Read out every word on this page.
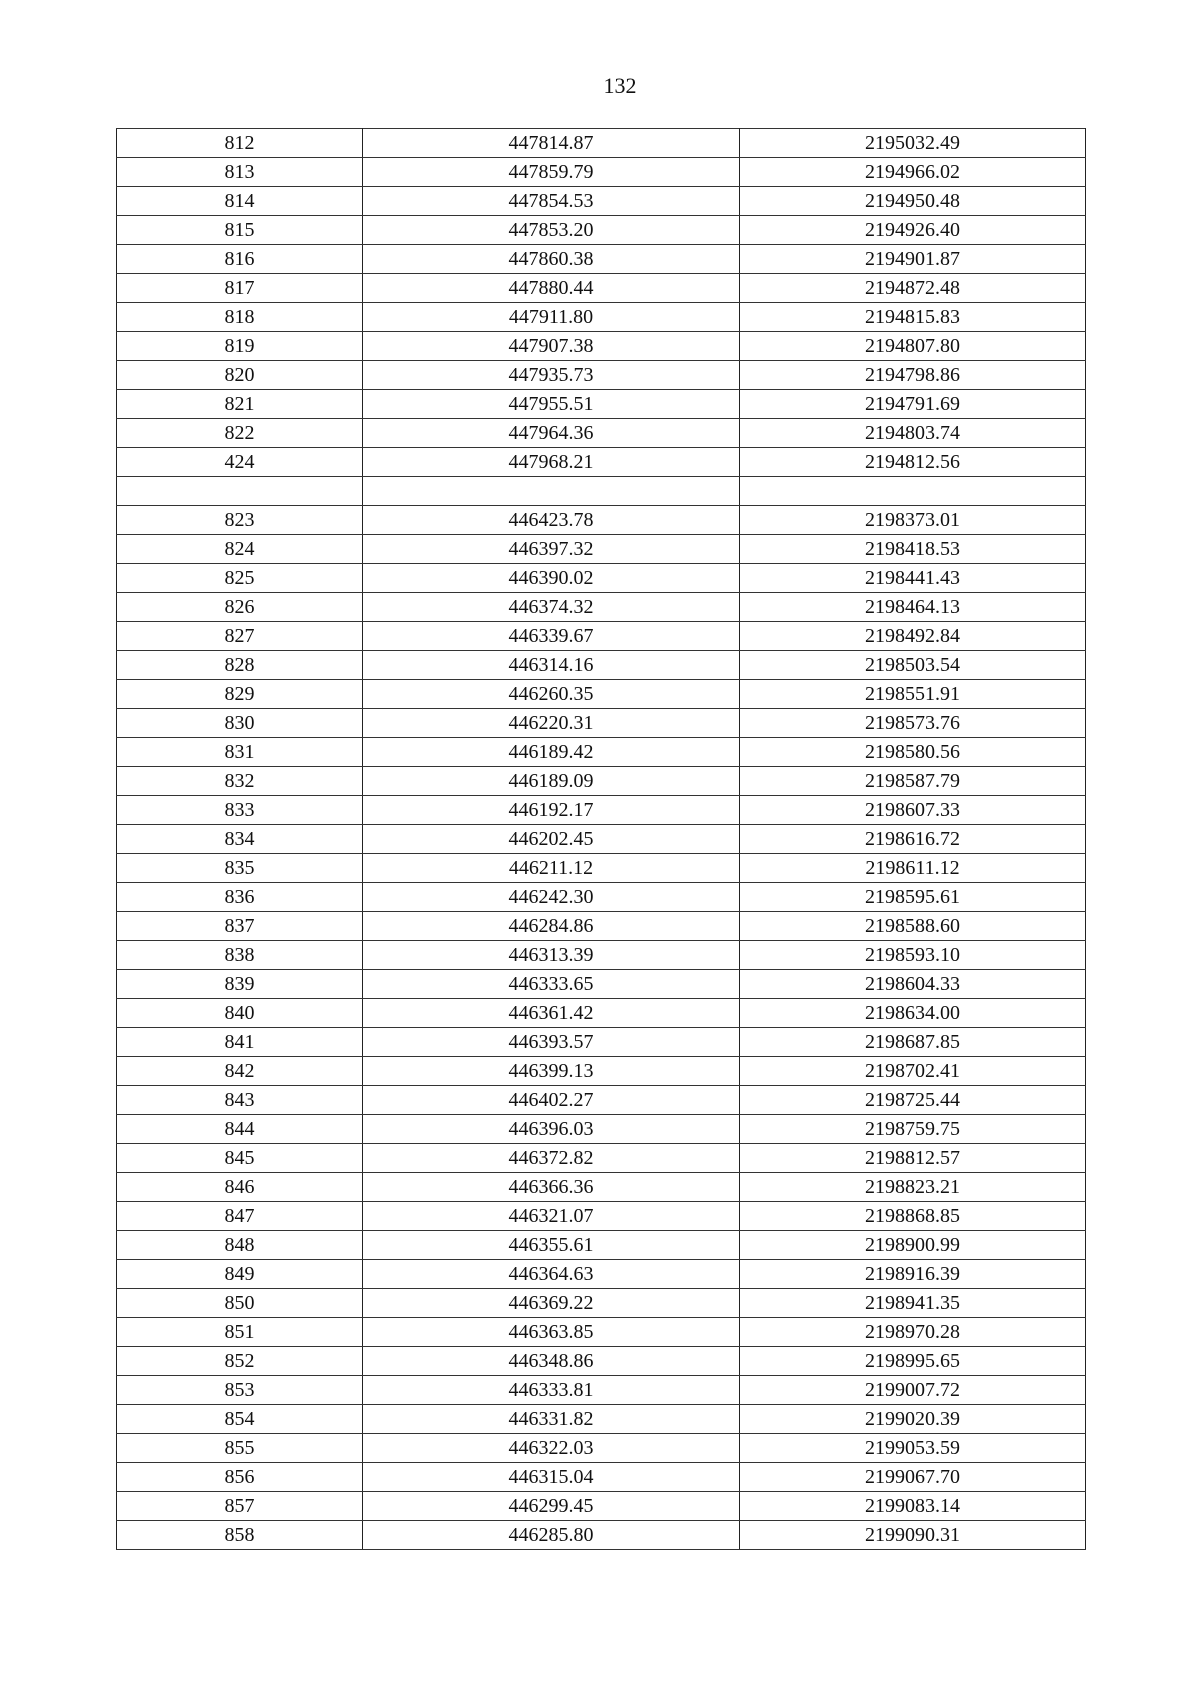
132
812	447814.87	2195032.49
813	447859.79	2194966.02
814	447854.53	2194950.48
815	447853.20	2194926.40
816	447860.38	2194901.87
817	447880.44	2194872.48
818	447911.80	2194815.83
819	447907.38	2194807.80
820	447935.73	2194798.86
821	447955.51	2194791.69
822	447964.36	2194803.74
424	447968.21	2194812.56

823	446423.78	2198373.01
824	446397.32	2198418.53
825	446390.02	2198441.43
826	446374.32	2198464.13
827	446339.67	2198492.84
828	446314.16	2198503.54
829	446260.35	2198551.91
830	446220.31	2198573.76
831	446189.42	2198580.56
832	446189.09	2198587.79
833	446192.17	2198607.33
834	446202.45	2198616.72
835	446211.12	2198611.12
836	446242.30	2198595.61
837	446284.86	2198588.60
838	446313.39	2198593.10
839	446333.65	2198604.33
840	446361.42	2198634.00
841	446393.57	2198687.85
842	446399.13	2198702.41
843	446402.27	2198725.44
844	446396.03	2198759.75
845	446372.82	2198812.57
846	446366.36	2198823.21
847	446321.07	2198868.85
848	446355.61	2198900.99
849	446364.63	2198916.39
850	446369.22	2198941.35
851	446363.85	2198970.28
852	446348.86	2198995.65
853	446333.81	2199007.72
854	446331.82	2199020.39
855	446322.03	2199053.59
856	446315.04	2199067.70
857	446299.45	2199083.14
858	446285.80	2199090.31
